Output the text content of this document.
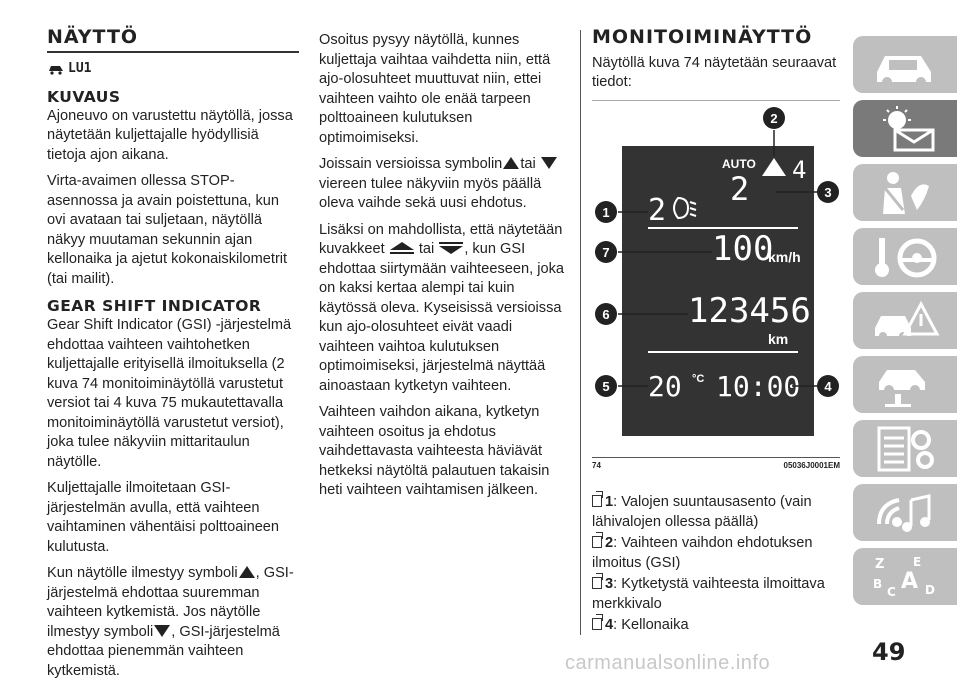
NÄYTTÖ
LU1
KUVAUS

Ajoneuvo on varustettu näytöllä, jossa näytetään kuljettajalle hyödyllisiä tietoja ajon aikana.

Virta-avaimen ollessa STOP-asennossa ja avain poistettuna, kun ovi avataan tai suljetaan, näytöllä näkyy muutaman sekunnin ajan kellonaika ja ajetut kokonaiskilometrit (tai mailit).

GEAR SHIFT INDICATOR

Gear Shift Indicator (GSI) -järjestelmä ehdottaa vaihteen vaihtohetken kuljettajalle erityisellä ilmoituksella (2 kuva 74 monitoiminäytöllä varustetut versiot tai 4 kuva 75 mukautettavalla monitoiminäytöllä varustetut versiot), joka tulee näkyviin mittaritaulun näytölle.

Kuljettajalle ilmoitetaan GSI-järjestelmän avulla, että vaihteen vaihtaminen vähentäisi polttoaineen kulutusta.

Kun näytölle ilmestyy symboli , GSI-järjestelmä ehdottaa suuremman vaihteen kytkemistä. Jos näytölle ilmestyy symboli , GSI-järjestelmä ehdottaa pienemmän vaihteen kytkemistä.

Osoitus pysyy näytöllä, kunnes kuljettaja vaihtaa vaihdetta niin, että ajo-olosuhteet muuttuvat niin, ettei vaihteen vaihto ole enää tarpeen polttoaineen kulutuksen optimoimiseksi.

Joissain versioissa symbolin tai viereen tulee näkyviin myös päällä oleva vaihde sekä uusi ehdotus.

Lisäksi on mahdollista, että näytetään kuvakkeet tai , kun GSI ehdottaa siirtymään vaihteeseen, joka on kaksi kertaa alempi tai kuin käytössä oleva. Kyseisissä versioissa kun ajo-olosuhteet eivät vaadi vaihteen vaihtoa kulutuksen optimoimiseksi, järjestelmä näyttää ainoastaan kytketyn vaihteen.

Vaihteen vaihdon aikana, kytketyn vaihteen osoitus ja ehdotus vaihdettavasta vaihteesta häviävät hetkeksi näytöltä palautuen takaisin heti vaihteen vaihtamisen jälkeen.

MONITOIMINÄYTTÖ

Näytöllä kuva 74 näytetään seuraavat tiedot:

AUTO 4
2
2
100
km/h
123456
km
20 °C 10:00
1
2
3
4
5
6
7
74	05036J0001EM
1: Valojen suuntausasento (vain lähivalojen ollessa päällä)
2: Vaihteen vaihdon ehdotuksen ilmoitus (GSI)
3: Kytketystä vaihteesta ilmoittava merkkivalo
4: Kellonaika
Z E
B
C A D
49
carmanualsonline.info
